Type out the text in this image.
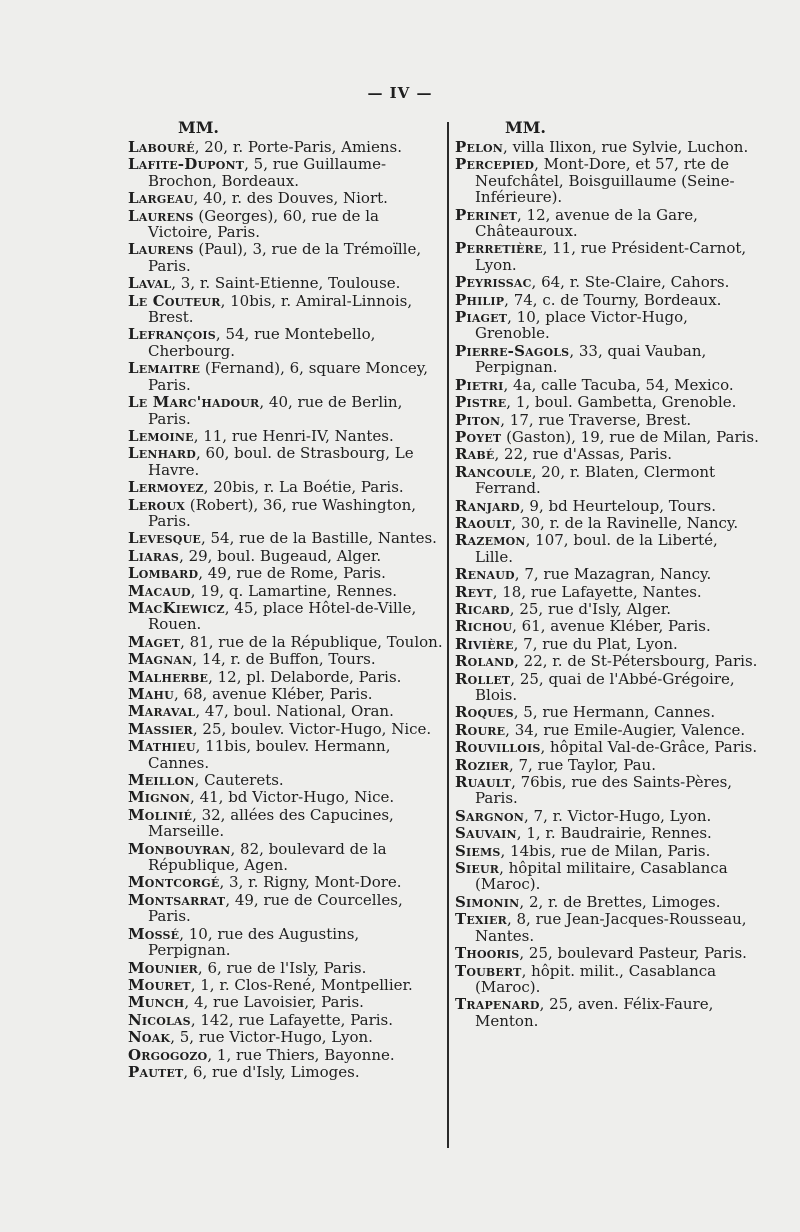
— IV —
MM.
Labouré, 20, r. Porte-Paris, Amiens.
Lafite-Dupont, 5, rue Guillaume-Brochon, Bordeaux.
Largeau, 40, r. des Douves, Niort.
Laurens (Georges), 60, rue de la Victoire, Paris.
Laurens (Paul), 3, rue de la Trémoïlle, Paris.
Laval, 3, r. Saint-Etienne, Toulouse.
Le Couteur, 10bis, r. Amiral-Linnois, Brest.
Lefrançois, 54, rue Montebello, Cherbourg.
Lemaitre (Fernand), 6, square Moncey, Paris.
Le Marc'hadour, 40, rue de Berlin, Paris.
Lemoine, 11, rue Henri-IV, Nantes.
Lenhard, 60, boul. de Strasbourg, Le Havre.
Lermoyez, 20bis, r. La Boétie, Paris.
Leroux (Robert), 36, rue Washington, Paris.
Levesque, 54, rue de la Bastille, Nantes.
Liaras, 29, boul. Bugeaud, Alger.
Lombard, 49, rue de Rome, Paris.
Macaud, 19, q. Lamartine, Rennes.
MacKiewicz, 45, place Hôtel-de-Ville, Rouen.
Maget, 81, rue de la République, Toulon.
Magnan, 14, r. de Buffon, Tours.
Malherbe, 12, pl. Delaborde, Paris.
Mahu, 68, avenue Kléber, Paris.
Maraval, 47, boul. National, Oran.
Massier, 25, boulev. Victor-Hugo, Nice.
Mathieu, 11bis, boulev. Hermann, Cannes.
Meillon, Cauterets.
Mignon, 41, bd Victor-Hugo, Nice.
Molinié, 32, allées des Capucines, Marseille.
Monbouyran, 82, boulevard de la République, Agen.
Montcorgé, 3, r. Rigny, Mont-Dore.
Montsarrat, 49, rue de Courcelles, Paris.
Mossé, 10, rue des Augustins, Perpignan.
Mounier, 6, rue de l'Isly, Paris.
Mouret, 1, r. Clos-René, Montpellier.
Munch, 4, rue Lavoisier, Paris.
Nicolas, 142, rue Lafayette, Paris.
Noak, 5, rue Victor-Hugo, Lyon.
Orgogozo, 1, rue Thiers, Bayonne.
Pautet, 6, rue d'Isly, Limoges.
MM.
Pelon, villa Ilixon, rue Sylvie, Luchon.
Percepied, Mont-Dore, et 57, rte de Neufchâtel, Boisguillaume (Seine-Inférieure).
Perinet, 12, avenue de la Gare, Châteauroux.
Perretière, 11, rue Président-Carnot, Lyon.
Peyrissac, 64, r. Ste-Claire, Cahors.
Philip, 74, c. de Tourny, Bordeaux.
Piaget, 10, place Victor-Hugo, Grenoble.
Pierre-Sagols, 33, quai Vauban, Perpignan.
Pietri, 4a, calle Tacuba, 54, Mexico.
Pistre, 1, boul. Gambetta, Grenoble.
Piton, 17, rue Traverse, Brest.
Poyet (Gaston), 19, rue de Milan, Paris.
Rabé, 22, rue d'Assas, Paris.
Rancoule, 20, r. Blaten, Clermont Ferrand.
Ranjard, 9, bd Heurteloup, Tours.
Raoult, 30, r. de la Ravinelle, Nancy.
Razemon, 107, boul. de la Liberté, Lille.
Renaud, 7, rue Mazagran, Nancy.
Reyt, 18, rue Lafayette, Nantes.
Ricard, 25, rue d'Isly, Alger.
Richou, 61, avenue Kléber, Paris.
Rivière, 7, rue du Plat, Lyon.
Roland, 22, r. de St-Pétersbourg, Paris.
Rollet, 25, quai de l'Abbé-Grégoire, Blois.
Roques, 5, rue Hermann, Cannes.
Roure, 34, rue Emile-Augier, Valence.
Rouvillois, hôpital Val-de-Grâce, Paris.
Rozier, 7, rue Taylor, Pau.
Ruault, 76bis, rue des Saints-Pères, Paris.
Sargnon, 7, r. Victor-Hugo, Lyon.
Sauvain, 1, r. Baudrairie, Rennes.
Siems, 14bis, rue de Milan, Paris.
Sieur, hôpital militaire, Casablanca (Maroc).
Simonin, 2, r. de Brettes, Limoges.
Texier, 8, rue Jean-Jacques-Rousseau, Nantes.
Thooris, 25, boulevard Pasteur, Paris.
Toubert, hôpit. milit., Casablanca (Maroc).
Trapenard, 25, aven. Félix-Faure, Menton.
